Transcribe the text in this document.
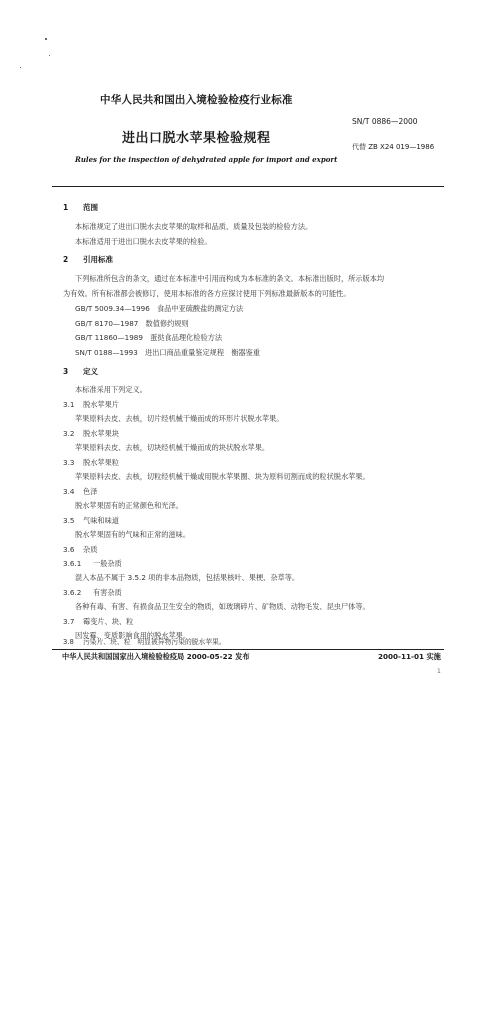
中华人民共和国出入境检验检疫行业标准
SN/T 0886—2000
进出口脱水苹果检验规程
代替 ZB X24 019—1986
Rules for the inspection of dehydrated apple for import and export
1 范围
本标准规定了进出口脱水去皮苹果的取样和品质、质量及包装的检验方法。
本标准适用于进出口脱水去皮苹果的检验。
2 引用标准
下列标准所包含的条文，通过在本标准中引用而构成为本标准的条文。本标准出版时，所示版本均
为有效。所有标准都会被修订，使用本标准的各方应探讨使用下列标准最新版本的可能性。
GB/T 5009.34—1996　食品中亚硫酸盐的测定方法
GB/T 8170—1987　数值修约规则
GB/T 11860—1989　蛋挞食品理化检验方法
SN/T 0188—1993　进出口商品重量鉴定规程　衡器鉴重
3 定义
本标准采用下列定义。
3.1 脱水苹果片
苹果原料去皮、去核，切片经机械干燥而成的环形片状脱水苹果。
3.2 脱水苹果块
苹果原料去皮、去核，切块经机械干燥而成的块状脱水苹果。
3.3 脱水苹果粒
苹果原料去皮、去核，切粒经机械干燥或用脱水苹果圈、块为原料切割而成的粒状脱水苹果。
3.4 色泽
脱水苹果固有的正常颜色和光泽。
3.5 气味和味道
脱水苹果固有的气味和正常的滋味。
3.6 杂质
3.6.1 一般杂质
混入本品不属于 3.5.2 项的非本品物质，包括果核叶、果梗、杂草等。
3.6.2 有害杂质
各种有毒、有害、有损食品卫生安全的物质，如玻璃碎片、矿物质、动物毛发、昆虫尸体等。
3.7 霉变片、块、粒
因发霉、变质影响食用的脱水苹果。
3.8 污染片、块、粒　 明显被异物污染的脱水苹果。
中华人民共和国国家出入境检验检疫局 2000-05-22 发布	2000-11-01 实施
1
